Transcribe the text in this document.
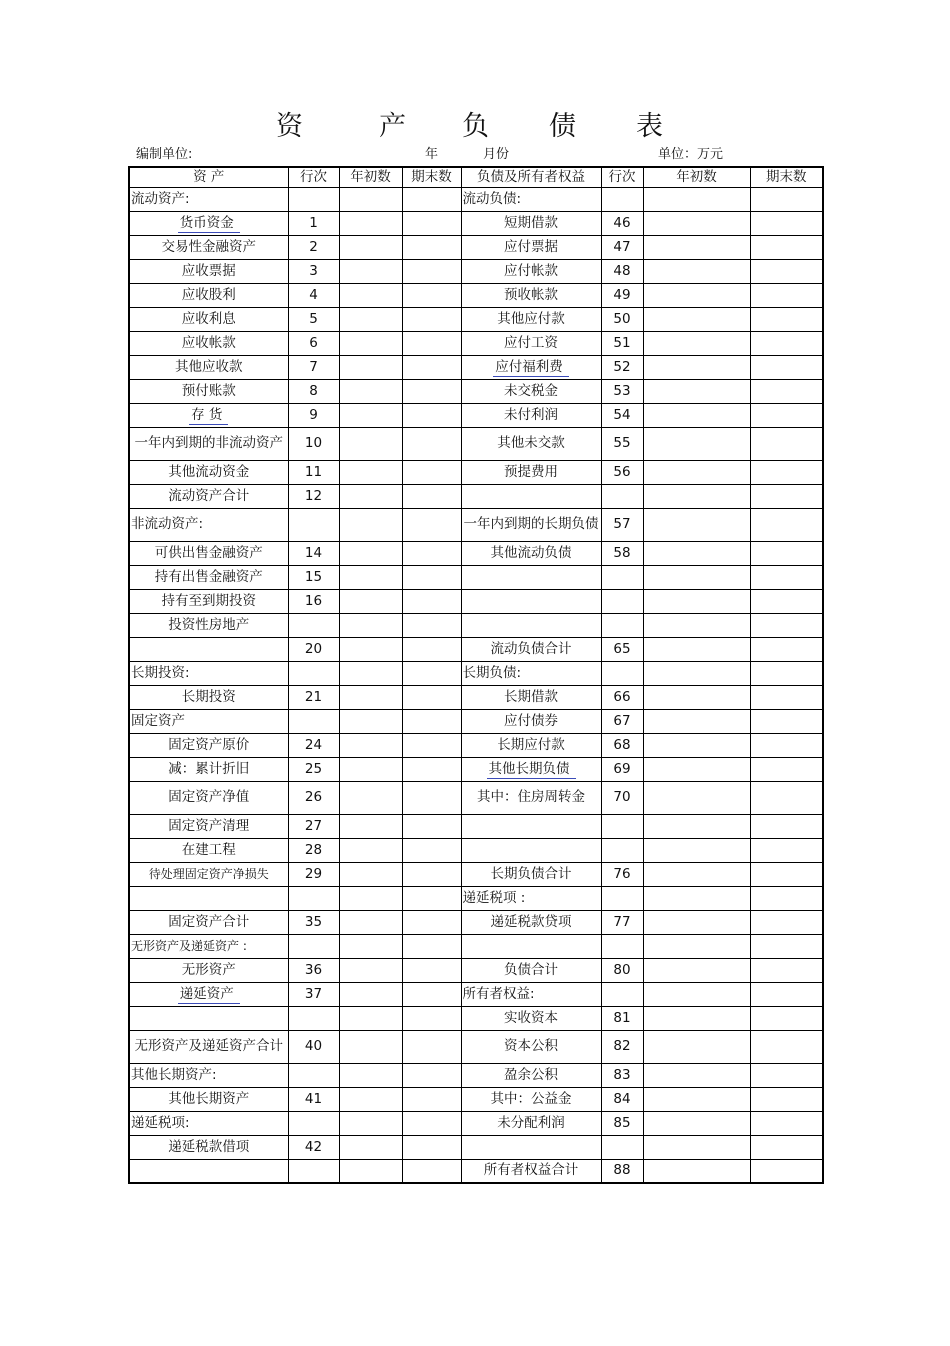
资	产 负 债 表
编制单位:	年	月份	单位：万元
资 产	行次	年初数	期末数	负债及所有者权益	行次	年初数	期末数
流动资产:				流动负债:			
货币资金	1			短期借款	46		
交易性金融资产	2			应付票据	47		
应收票据	3			应付帐款	48		
应收股利	4			预收帐款	49		
应收利息	5			其他应付款	50		
应收帐款	6			应付工资	51		
其他应收款	7			应付福利费	52		
预付账款	8			未交税金	53		
存 货	9			未付利润	54		
一年内到期的非流动资产	10			其他未交款	55		
其他流动资金	11			预提费用	56		
流动资产合计	12						
非流动资产:				一年内到期的长期负债	57		
可供出售金融资产	14			其他流动负债	58		
持有出售金融资产	15						
持有至到期投资	16						
投资性房地产							
	20			流动负债合计	65		
长期投资:				长期负债:			
长期投资	21			长期借款	66		
固定资产				应付债券	67		
固定资产原价	24			长期应付款	68		
减：累计折旧	25			其他长期负债	69		
固定资产净值	26			其中：住房周转金	70		
固定资产清理	27						
在建工程	28						
待处理固定资产净损失	29			长期负债合计	76		
				递延税项 :			
固定资产合计	35			递延税款贷项	77		
无形资产及递延资产 :							
无形资产	36			负债合计	80		
递延资产	37			所有者权益:			
				实收资本	81		
无形资产及递延资产合计	40			资本公积	82		
其他长期资产:				盈余公积	83		
其他长期资产	41			其中：公益金	84		
递延税项:				未分配利润	85		
递延税款借项	42						
				所有者权益合计	88		
